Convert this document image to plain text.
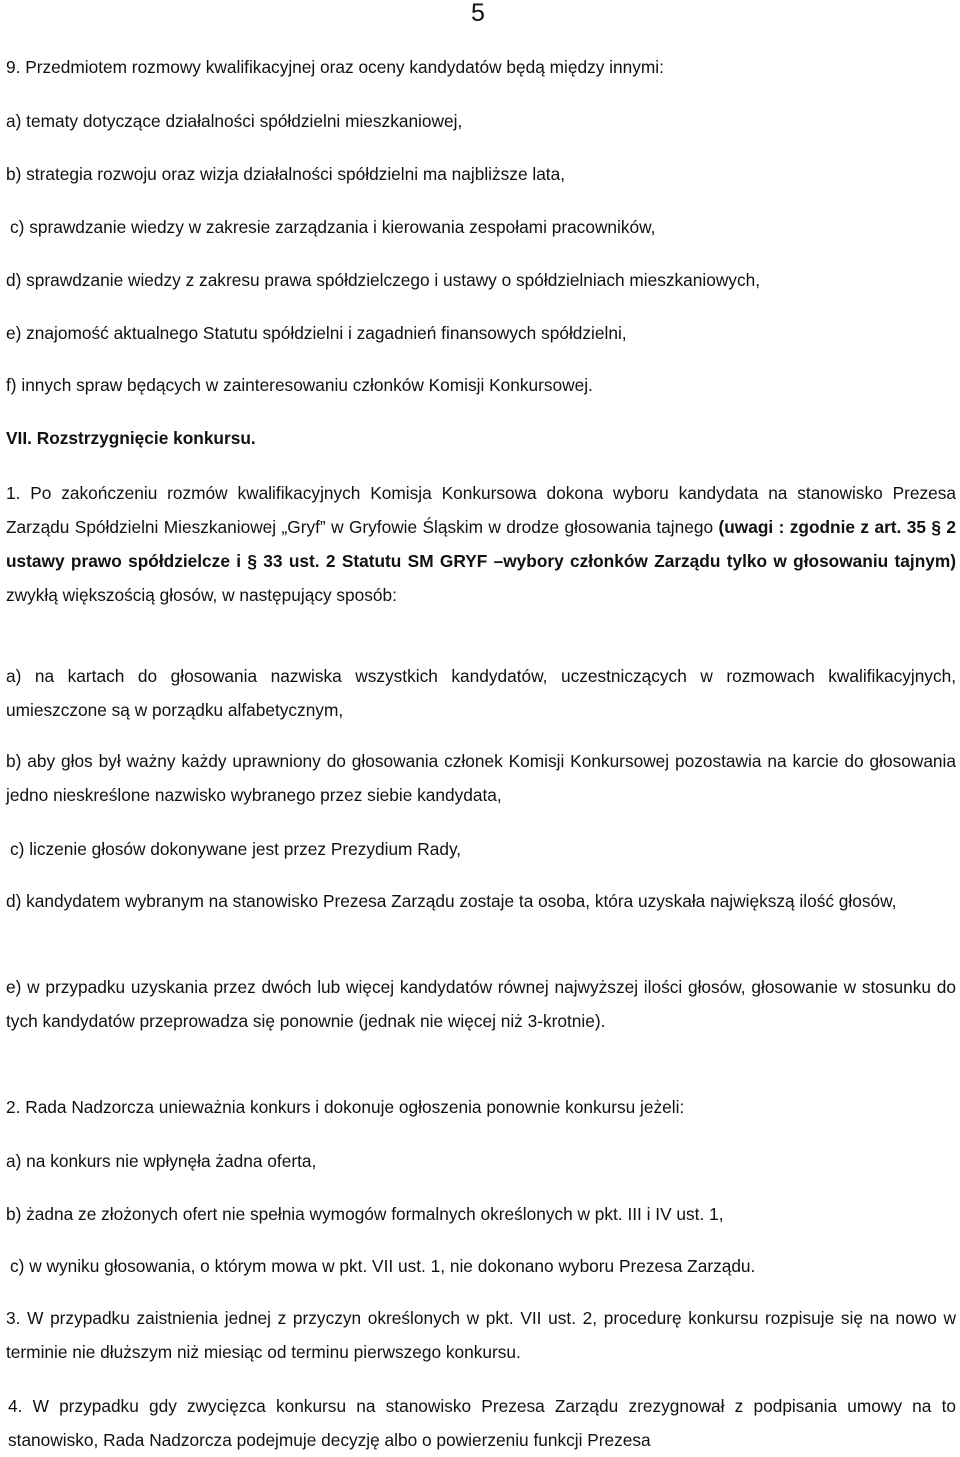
5

9. Przedmiotem rozmowy kwalifikacyjnej oraz oceny kandydatów będą między innymi:

a) tematy dotyczące działalności spółdzielni mieszkaniowej,

b) strategia rozwoju oraz wizja działalności spółdzielni ma najbliższe lata,

c) sprawdzanie wiedzy w zakresie zarządzania i kierowania zespołami pracowników,

d) sprawdzanie wiedzy z zakresu prawa spółdzielczego i ustawy o spółdzielniach mieszkaniowych,

e) znajomość aktualnego Statutu spółdzielni i zagadnień finansowych spółdzielni,

f) innych spraw będących w zainteresowaniu członków Komisji Konkursowej.

VII. Rozstrzygnięcie konkursu.

1. Po zakończeniu rozmów kwalifikacyjnych Komisja Konkursowa dokona wyboru kandydata na stanowisko Prezesa Zarządu Spółdzielni Mieszkaniowej „Gryf” w Gryfowie Śląskim w drodze głosowania tajnego (uwagi : zgodnie z art. 35 § 2 ustawy prawo spółdzielcze i § 33 ust. 2 Statutu SM GRYF –wybory członków Zarządu tylko w głosowaniu tajnym) zwykłą większością głosów, w następujący sposób:

a) na kartach do głosowania nazwiska wszystkich kandydatów, uczestniczących w rozmowach kwalifikacyjnych, umieszczone są w porządku alfabetycznym,

b) aby głos był ważny każdy uprawniony do głosowania członek Komisji Konkursowej pozostawia na karcie do głosowania jedno nieskreślone nazwisko wybranego przez siebie kandydata,

c) liczenie głosów dokonywane jest przez Prezydium Rady,

d) kandydatem wybranym na stanowisko Prezesa Zarządu zostaje ta osoba, która uzyskała największą ilość głosów,

e) w przypadku uzyskania przez dwóch lub więcej kandydatów równej najwyższej ilości głosów, głosowanie w stosunku do tych kandydatów przeprowadza się ponownie (jednak nie więcej niż 3-krotnie).

2. Rada Nadzorcza unieważnia konkurs i dokonuje ogłoszenia ponownie konkursu jeżeli:

a) na konkurs nie wpłynęła żadna oferta,

b) żadna ze złożonych ofert nie spełnia wymogów formalnych określonych w pkt. III i IV ust. 1,

c) w wyniku głosowania, o którym mowa w pkt. VII ust. 1, nie dokonano wyboru Prezesa Zarządu.

3. W przypadku zaistnienia jednej z przyczyn określonych w pkt. VII ust. 2, procedurę konkursu rozpisuje się na nowo w terminie nie dłuższym niż miesiąc od terminu pierwszego konkursu.

4. W przypadku gdy zwycięzca konkursu na stanowisko Prezesa Zarządu zrezygnował z podpisania umowy na to stanowisko, Rada Nadzorcza podejmuje decyzję albo o powierzeniu funkcji Prezesa
